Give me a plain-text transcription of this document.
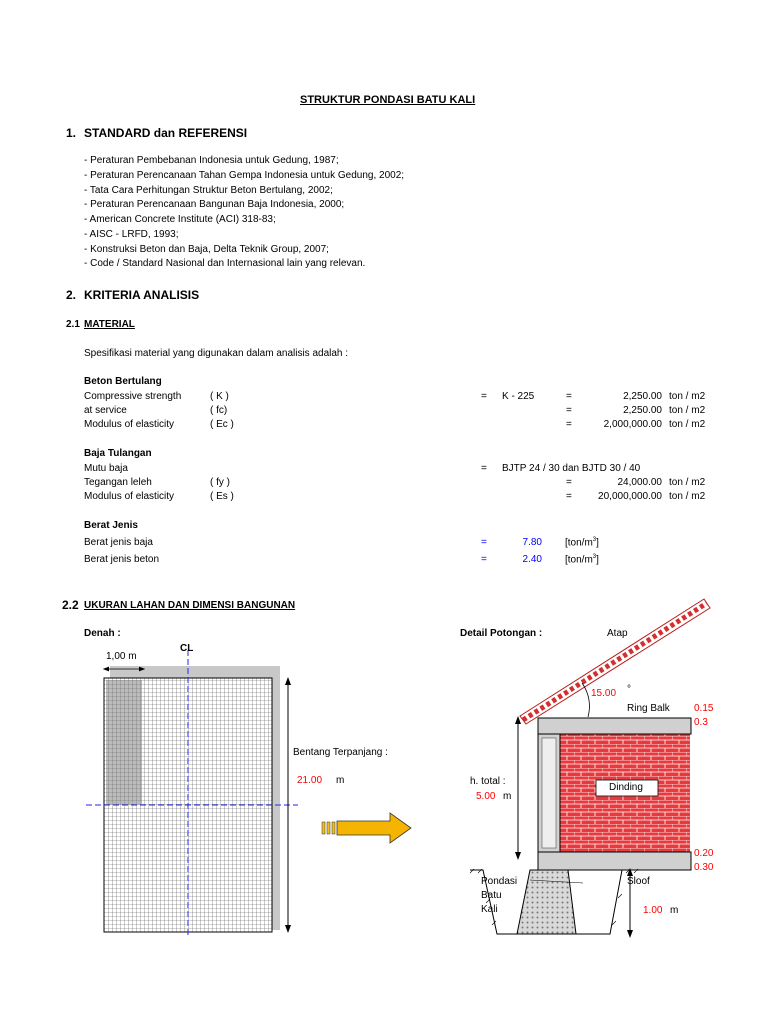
STRUKTUR PONDASI BATU KALI
1. STANDARD dan REFERENSI
- Peraturan Pembebanan Indonesia untuk Gedung, 1987;
- Peraturan Perencanaan Tahan Gempa Indonesia untuk Gedung, 2002;
- Tata Cara Perhitungan Struktur Beton Bertulang, 2002;
- Peraturan Perencanaan Bangunan Baja Indonesia, 2000;
- American Concrete Institute (ACI) 318-83;
- AISC - LRFD, 1993;
- Konstruksi Beton dan Baja, Delta Teknik Group, 2007;
- Code / Standard Nasional dan Internasional lain yang relevan.
2. KRITERIA ANALISIS
2.1 MATERIAL
Spesifikasi material yang digunakan dalam analisis adalah :
Beton Bertulang
Compressive strength	( K )	= K - 225	=	2,250.00 ton / m2
at service	( fc)	=	2,250.00 ton / m2
Modulus of elasticity	( Ec )	=	2,000,000.00 ton / m2
Baja Tulangan
Mutu baja	= BJTP 24 / 30 dan BJTD 30 / 40
Tegangan leleh	( fy )	=	24,000.00 ton / m2
Modulus of elasticity	( Es )	=	20,000,000.00 ton / m2
Berat Jenis
Berat jenis baja	=	7.80 $[ton/m^3]$
Berat jenis beton	=	2.40 $[ton/m^3]$
2.2 UKURAN LAHAN DAN DIMENSI BANGUNAN
Denah :
1,00 m
CL
Bentang Terpanjang :
21.00 m
Detail Potongan :	Atap
15.00 °
Ring Balk 0.15
0.3
h. total :
5.00 m
Dinding
0.20
0.30
Pondasi
Batu
Kali
Sloof
1.00 m
